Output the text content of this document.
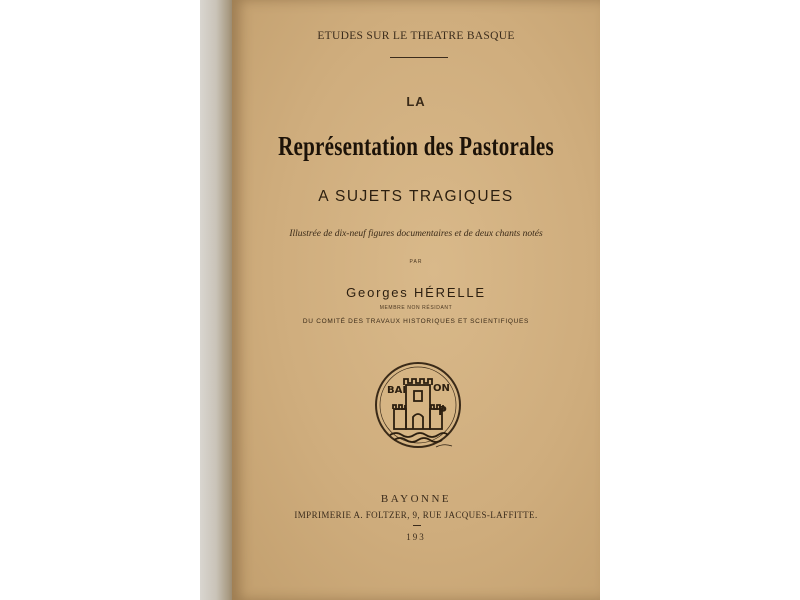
ETUDES SUR LE THEATRE BASQUE
LA
Représentation des Pastorales
A SUJETS TRAGIQUES
Illustrée de dix-neuf figures documentaires et de deux chants notés
PAR
Georges HÉRELLE
MEMBRE NON RÉSIDANT
DU COMITÉ DES TRAVAUX HISTORIQUES ET SCIENTIFIQUES
BAI	ON
P
BAYONNE
IMPRIMERIE A. FOLTZER, 9, RUE JACQUES-LAFFITTE.
193
